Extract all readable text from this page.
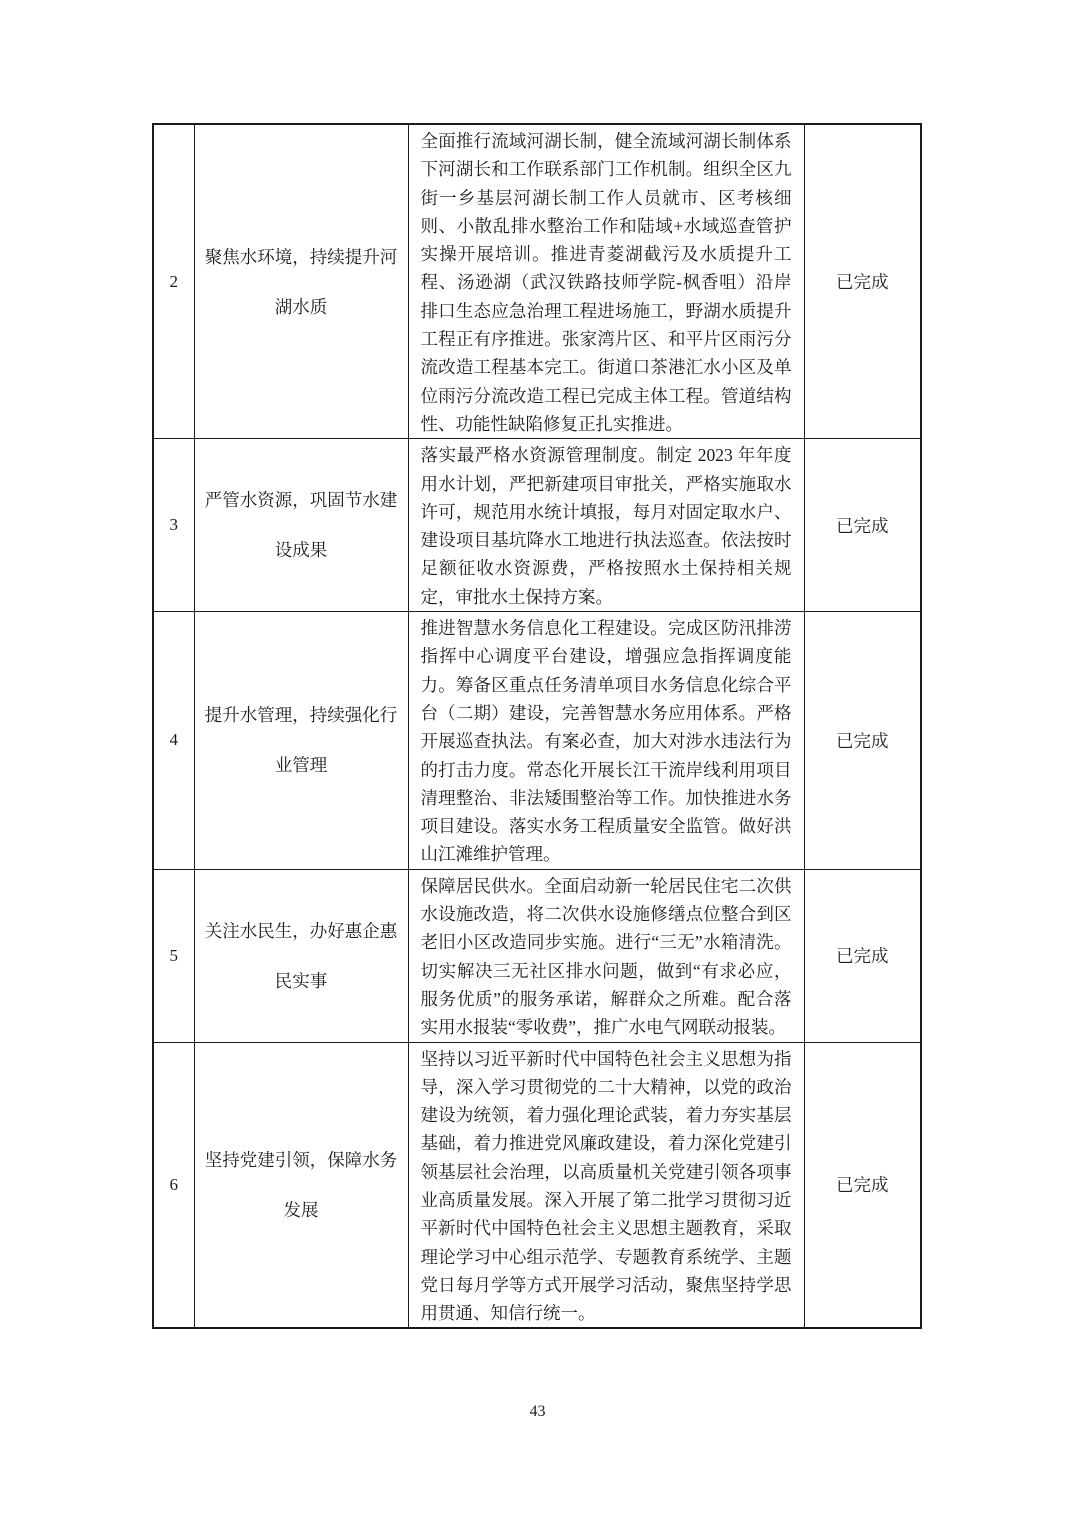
2	聚焦水环境，持续提升河湖水质	全面推行流域河湖长制，健全流域河湖长制体系下河湖长和工作联系部门工作机制。组织全区九街一乡基层河湖长制工作人员就市、区考核细则、小散乱排水整治工作和陆域+水域巡查管护实操开展培训。推进青菱湖截污及水质提升工程、汤逊湖（武汉铁路技师学院-枫香咀）沿岸排口生态应急治理工程进场施工，野湖水质提升工程正有序推进。张家湾片区、和平片区雨污分流改造工程基本完工。街道口茶港汇水小区及单位雨污分流改造工程已完成主体工程。管道结构性、功能性缺陷修复正扎实推进。	已完成
3	严管水资源，巩固节水建设成果	落实最严格水资源管理制度。制定 2023 年年度用水计划，严把新建项目审批关，严格实施取水许可，规范用水统计填报，每月对固定取水户、建设项目基坑降水工地进行执法巡查。依法按时足额征收水资源费，严格按照水土保持相关规定，审批水土保持方案。	已完成
4	提升水管理，持续强化行业管理	推进智慧水务信息化工程建设。完成区防汛排涝指挥中心调度平台建设，增强应急指挥调度能力。筹备区重点任务清单项目水务信息化综合平台（二期）建设，完善智慧水务应用体系。严格开展巡查执法。有案必查，加大对涉水违法行为的打击力度。常态化开展长江干流岸线利用项目清理整治、非法矮围整治等工作。加快推进水务项目建设。落实水务工程质量安全监管。做好洪山江滩维护管理。	已完成
5	关注水民生，办好惠企惠民实事	保障居民供水。全面启动新一轮居民住宅二次供水设施改造，将二次供水设施修缮点位整合到区老旧小区改造同步实施。进行“三无”水箱清洗。切实解决三无社区排水问题，做到“有求必应，服务优质”的服务承诺，解群众之所难。配合落实用水报装“零收费”，推广水电气网联动报装。	已完成
6	坚持党建引领，保障水务发展	坚持以习近平新时代中国特色社会主义思想为指导，深入学习贯彻党的二十大精神，以党的政治建设为统领，着力强化理论武装，着力夯实基层基础，着力推进党风廉政建设，着力深化党建引领基层社会治理，以高质量机关党建引领各项事业高质量发展。深入开展了第二批学习贯彻习近平新时代中国特色社会主义思想主题教育，采取理论学习中心组示范学、专题教育系统学、主题党日每月学等方式开展学习活动，聚焦坚持学思用贯通、知信行统一。	已完成
43
